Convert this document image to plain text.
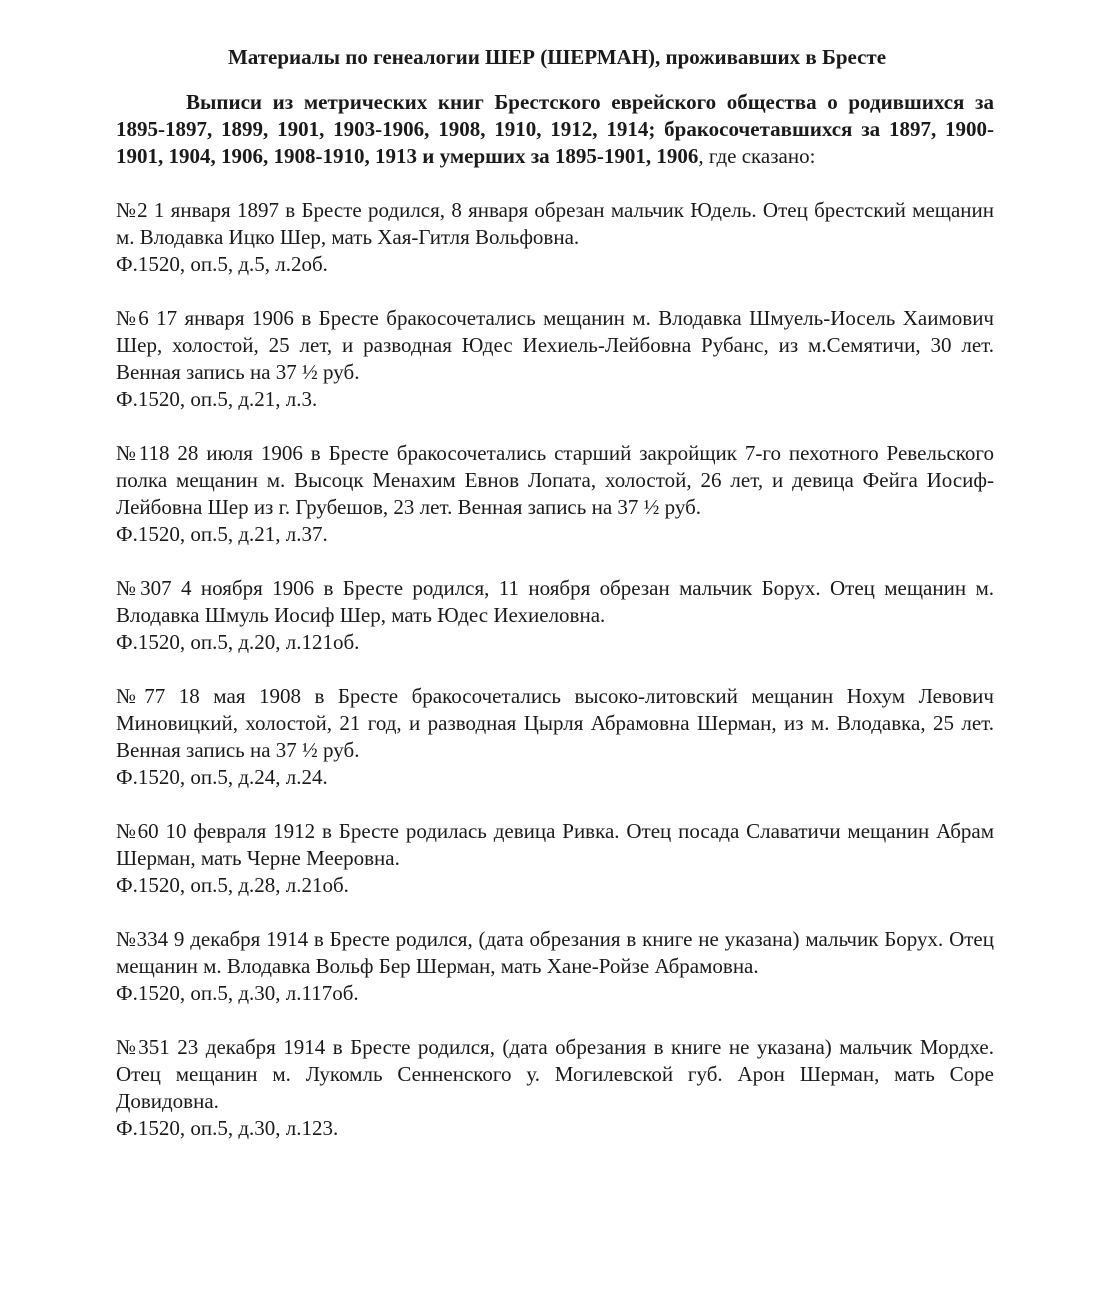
Материалы по генеалогии ШЕР (ШЕРМАН), проживавших в Бресте

Выписи из метрических книг Брестского еврейского общества о родившихся за 1895-1897, 1899, 1901, 1903-1906, 1908, 1910, 1912, 1914; бракосочетавшихся за 1897, 1900-1901, 1904, 1906, 1908-1910, 1913 и умерших за 1895-1901, 1906, где сказано:

№2 1 января 1897 в Бресте родился, 8 января обрезан мальчик Юдель. Отец брестский мещанин м. Влодавка Ицко Шер, мать Хая-Гитля Вольфовна.

Ф.1520, оп.5, д.5, л.2об.

№6 17 января 1906 в Бресте бракосочетались мещанин м. Влодавка Шмуель-Иосель Хаимович Шер, холостой, 25 лет, и разводная Юдес Иехиель-Лейбовна Рубанс, из м.Семятичи, 30 лет. Венная запись на 37 ½ руб.

Ф.1520, оп.5, д.21, л.3.

№118 28 июля 1906 в Бресте бракосочетались старший закройщик 7-го пехотного Ревельского полка мещанин м. Высоцк Менахим Евнов Лопата, холостой, 26 лет, и девица Фейга Иосиф-Лейбовна Шер из г. Грубешов, 23 лет. Венная запись на 37 ½ руб.

Ф.1520, оп.5, д.21, л.37.

№307 4 ноября 1906 в Бресте родился, 11 ноября обрезан мальчик Борух. Отец мещанин м. Влодавка Шмуль Иосиф Шер, мать Юдес Иехиеловна.

Ф.1520, оп.5, д.20, л.121об.

№77 18 мая 1908 в Бресте бракосочетались высоко-литовский мещанин Нохум Левович Миновицкий, холостой, 21 год, и разводная Цырля Абрамовна Шерман, из м. Влодавка, 25 лет. Венная запись на 37 ½ руб.

Ф.1520, оп.5, д.24, л.24.

№60 10 февраля 1912 в Бресте родилась девица Ривка. Отец посада Славатичи мещанин Абрам Шерман, мать Черне Мееровна.

Ф.1520, оп.5, д.28, л.21об.

№334 9 декабря 1914 в Бресте родился, (дата обрезания в книге не указана) мальчик Борух. Отец мещанин м. Влодавка Вольф Бер Шерман, мать Хане-Ройзе Абрамовна.

Ф.1520, оп.5, д.30, л.117об.

№351 23 декабря 1914 в Бресте родился, (дата обрезания в книге не указана) мальчик Мордхе. Отец мещанин м. Лукомль Сенненского у. Могилевской губ. Арон Шерман, мать Соре Довидовна.

Ф.1520, оп.5, д.30, л.123.
